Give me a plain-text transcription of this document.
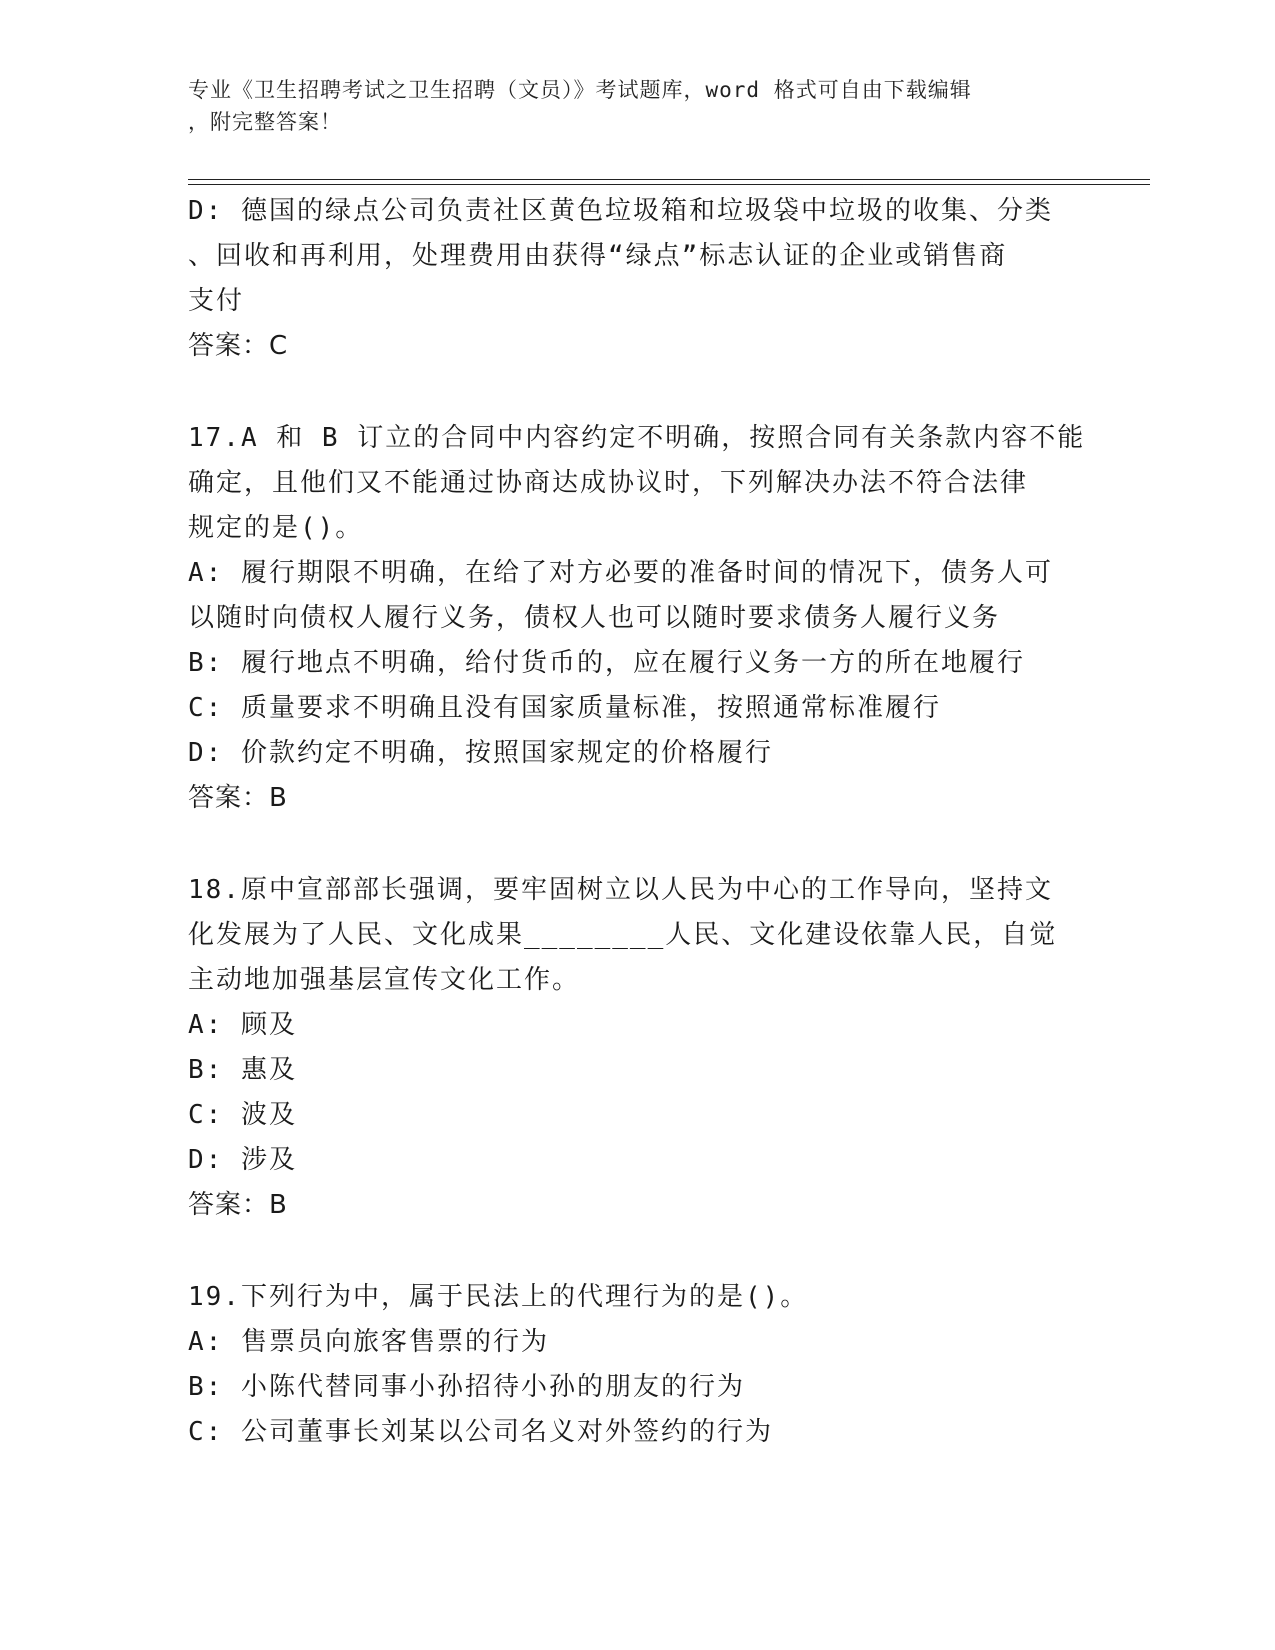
专业《卫生招聘考试之卫生招聘（文员）》考试题库，word 格式可自由下载编辑
，附完整答案！
D: 德国的绿点公司负责社区黄色垃圾箱和垃圾袋中垃圾的收集、分类
、回收和再利用，处理费用由获得“绿点”标志认证的企业或销售商
支付
答案：C
17.A 和 B 订立的合同中内容约定不明确，按照合同有关条款内容不能
确定，且他们又不能通过协商达成协议时，下列解决办法不符合法律
规定的是()。
A: 履行期限不明确，在给了对方必要的准备时间的情况下，债务人可
以随时向债权人履行义务，债权人也可以随时要求债务人履行义务
B: 履行地点不明确，给付货币的，应在履行义务一方的所在地履行
C: 质量要求不明确且没有国家质量标准，按照通常标准履行
D: 价款约定不明确，按照国家规定的价格履行
答案：B
18.原中宣部部长强调，要牢固树立以人民为中心的工作导向，坚持文
化发展为了人民、文化成果________人民、文化建设依靠人民，自觉
主动地加强基层宣传文化工作。
A: 顾及
B: 惠及
C: 波及
D: 涉及
答案：B
19.下列行为中，属于民法上的代理行为的是()。
A: 售票员向旅客售票的行为
B: 小陈代替同事小孙招待小孙的朋友的行为
C: 公司董事长刘某以公司名义对外签约的行为
